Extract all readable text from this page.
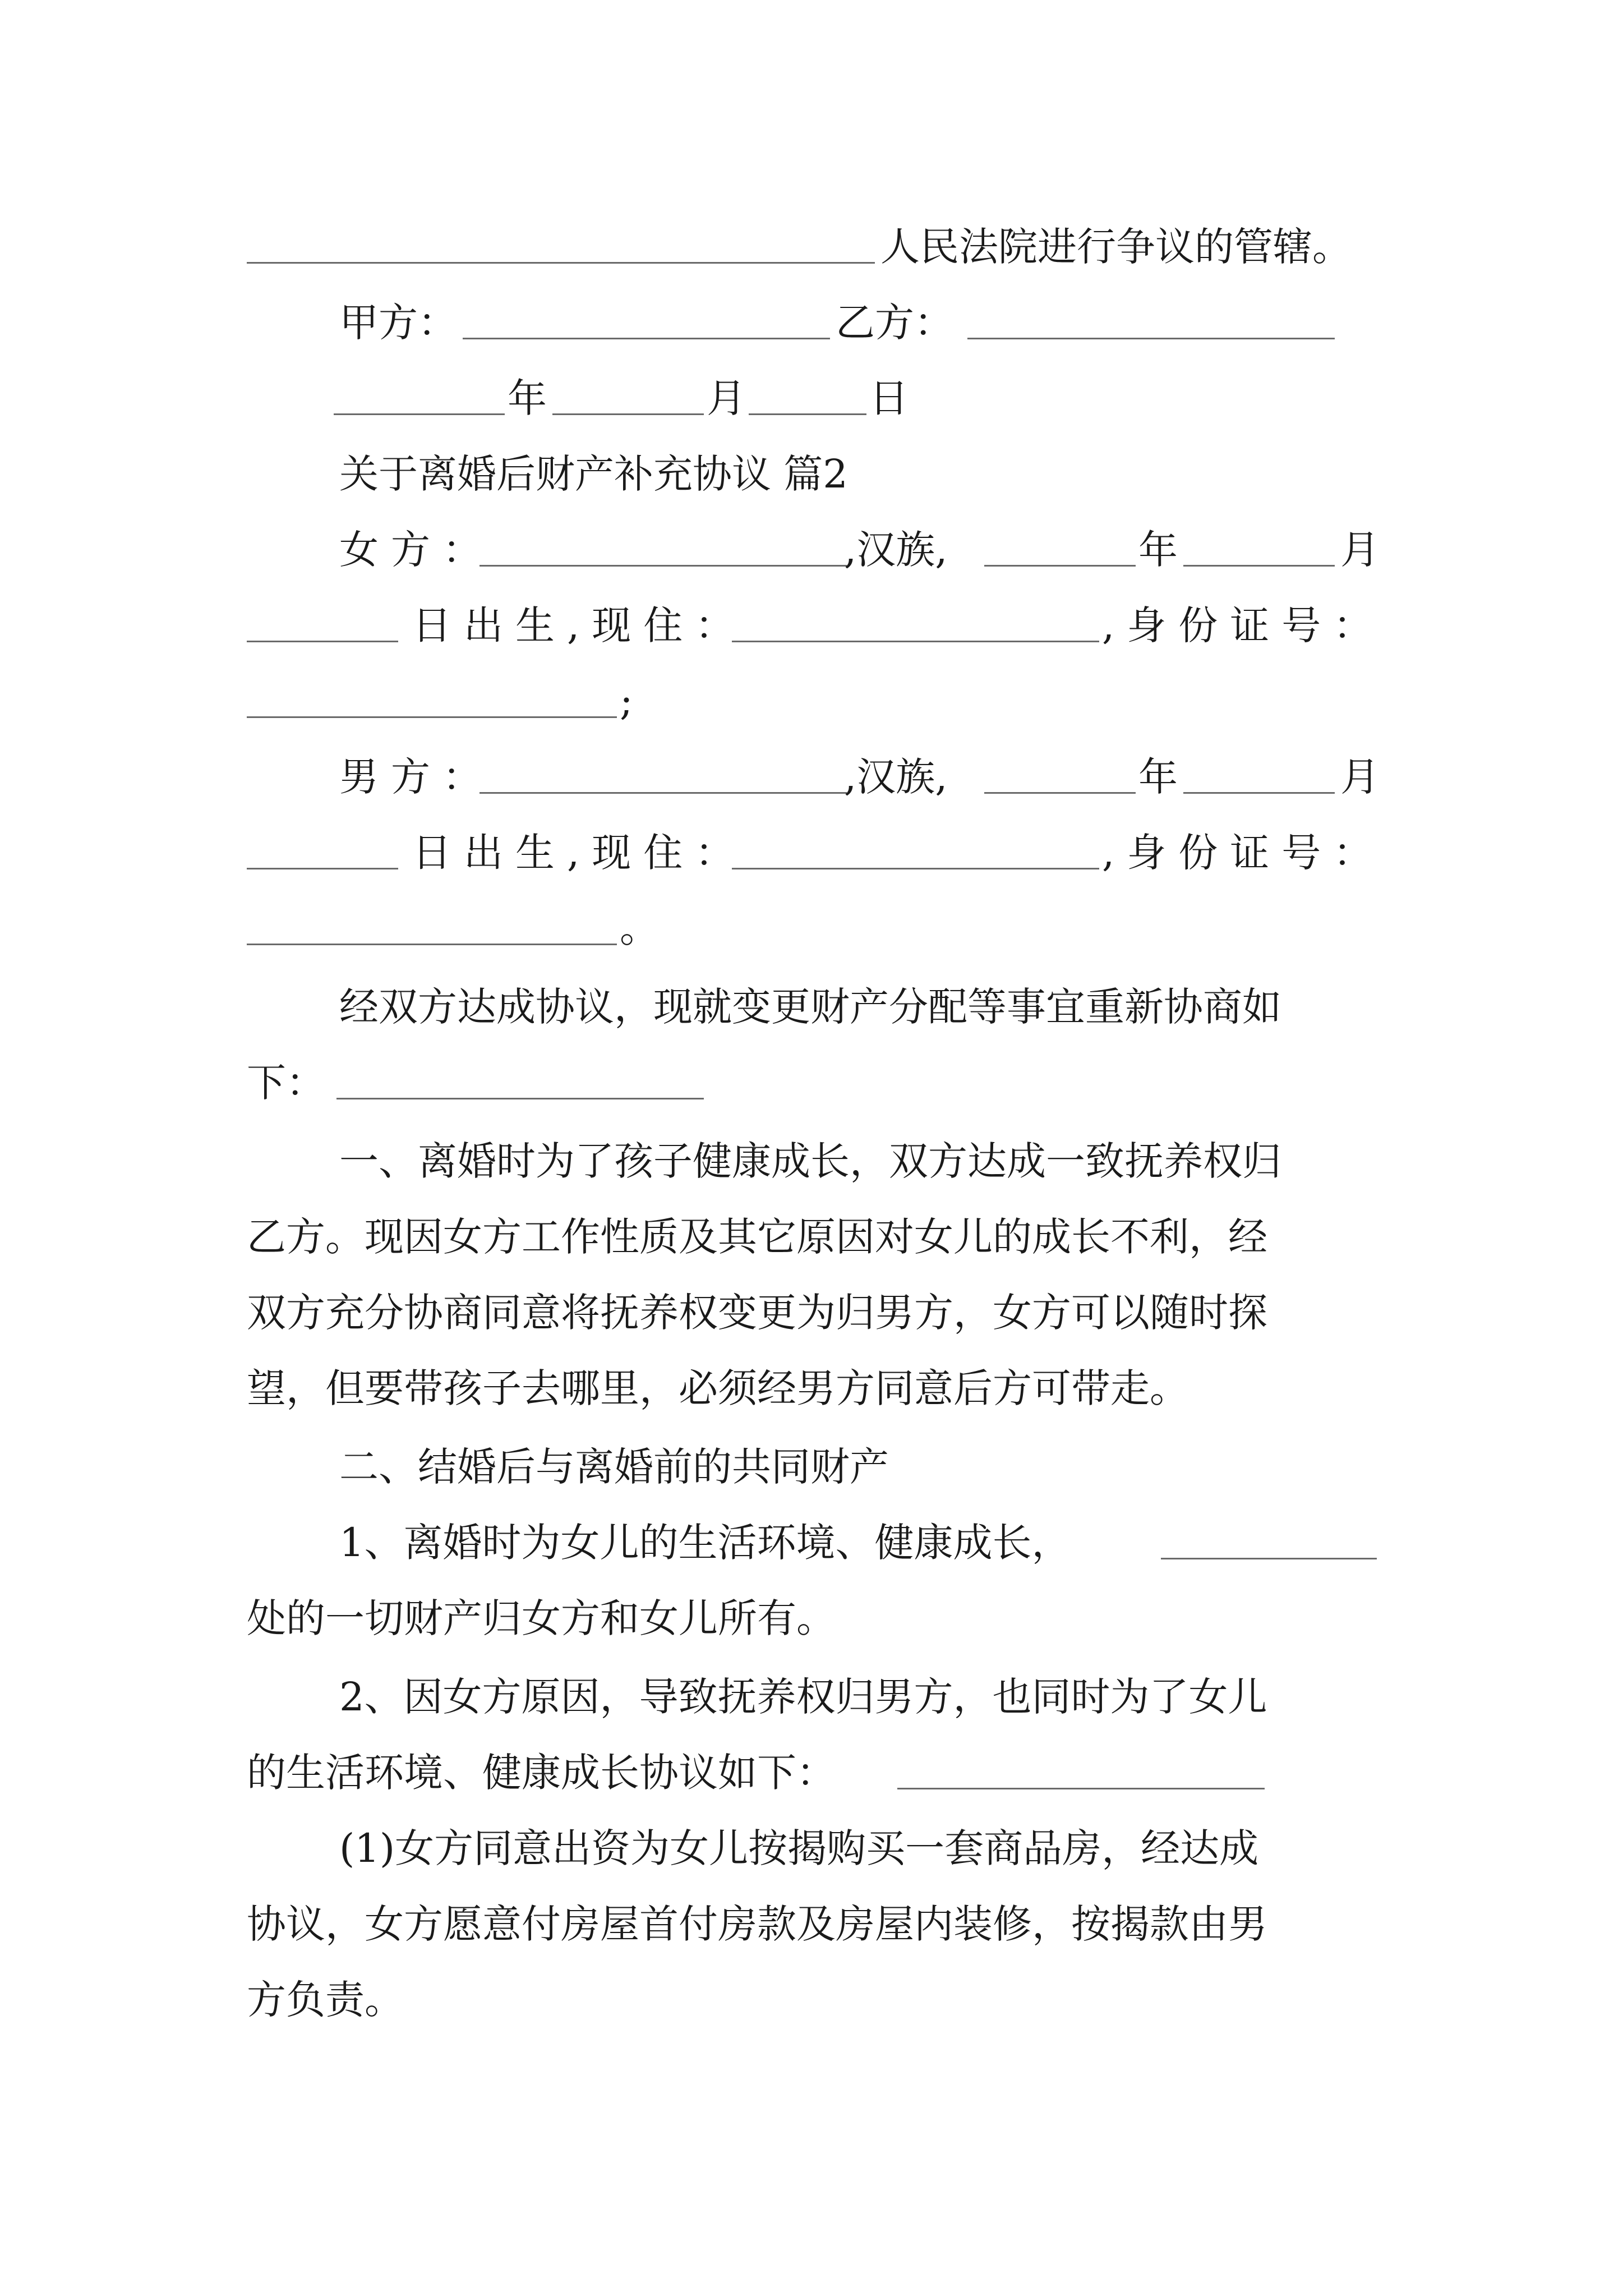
人民法院进行争议的管辖。
甲方：	乙方：
年	月	日
关于离婚后财产补充协议 篇2
女方：	,汉族,	年	月
日出生,现住：	,身份证号：
;
男方：	,汉族,	年	月
日出生,现住：	,身份证号：
。
经双方达成协议，现就变更财产分配等事宜重新协商如
下：
一、离婚时为了孩子健康成长，双方达成一致抚养权归
乙方。现因女方工作性质及其它原因对女儿的成长不利，经
双方充分协商同意将抚养权变更为归男方，女方可以随时探
望，但要带孩子去哪里，必须经男方同意后方可带走。
二、结婚后与离婚前的共同财产
1、离婚时为女儿的生活环境、健康成长，
处的一切财产归女方和女儿所有。
2、因女方原因，导致抚养权归男方，也同时为了女儿
的生活环境、健康成长协议如下：
(1)女方同意出资为女儿按揭购买一套商品房，经达成
协议，女方愿意付房屋首付房款及房屋内装修，按揭款由男
方负责。
